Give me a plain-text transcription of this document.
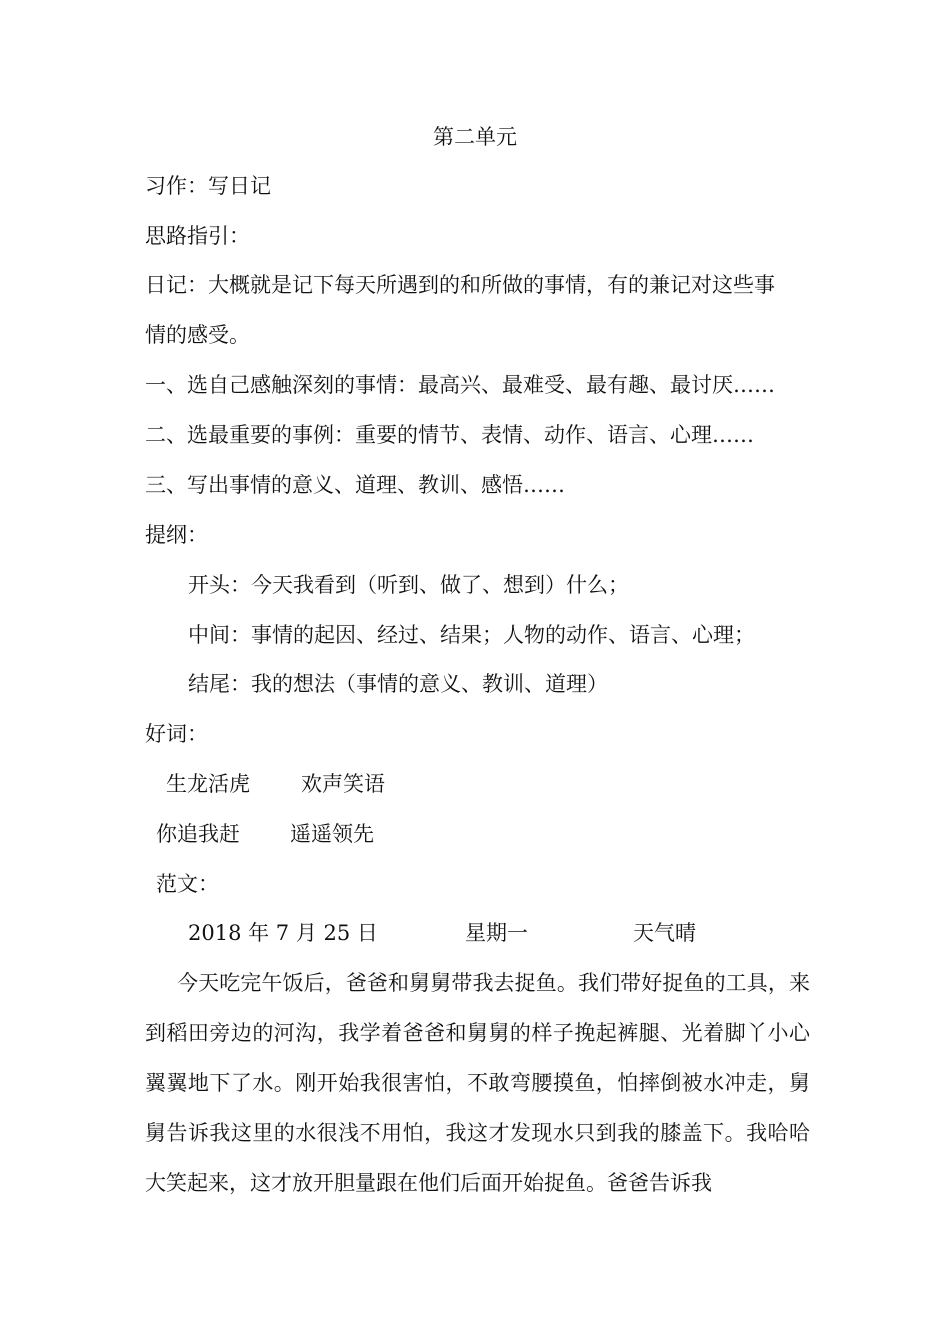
第二单元
习作：写日记
思路指引：
日记：大概就是记下每天所遇到的和所做的事情，有的兼记对这些事
情的感受。
一、选自己感触深刻的事情：最高兴、最难受、最有趣、最讨厌……
二、选最重要的事例：重要的情节、表情、动作、语言、心理……
三、写出事情的意义、道理、教训、感悟……
提纲：
开头：今天我看到（听到、做了、想到）什么；
中间：事情的起因、经过、结果；人物的动作、语言、心理；
结尾：我的想法（事情的意义、教训、道理）
好词：
生龙活虎 欢声笑语
你追我赶 遥遥领先
范文：
2018 年 7 月 25 日	星期一	天气晴
今天吃完午饭后，爸爸和舅舅带我去捉鱼。我们带好捉鱼的工具，来到稻田旁边的河沟，我学着爸爸和舅舅的样子挽起裤腿、光着脚丫小心翼翼地下了水。刚开始我很害怕，不敢弯腰摸鱼，怕摔倒被水冲走，舅舅告诉我这里的水很浅不用怕，我这才发现水只到我的膝盖下。我哈哈大笑起来，这才放开胆量跟在他们后面开始捉鱼。爸爸告诉我
